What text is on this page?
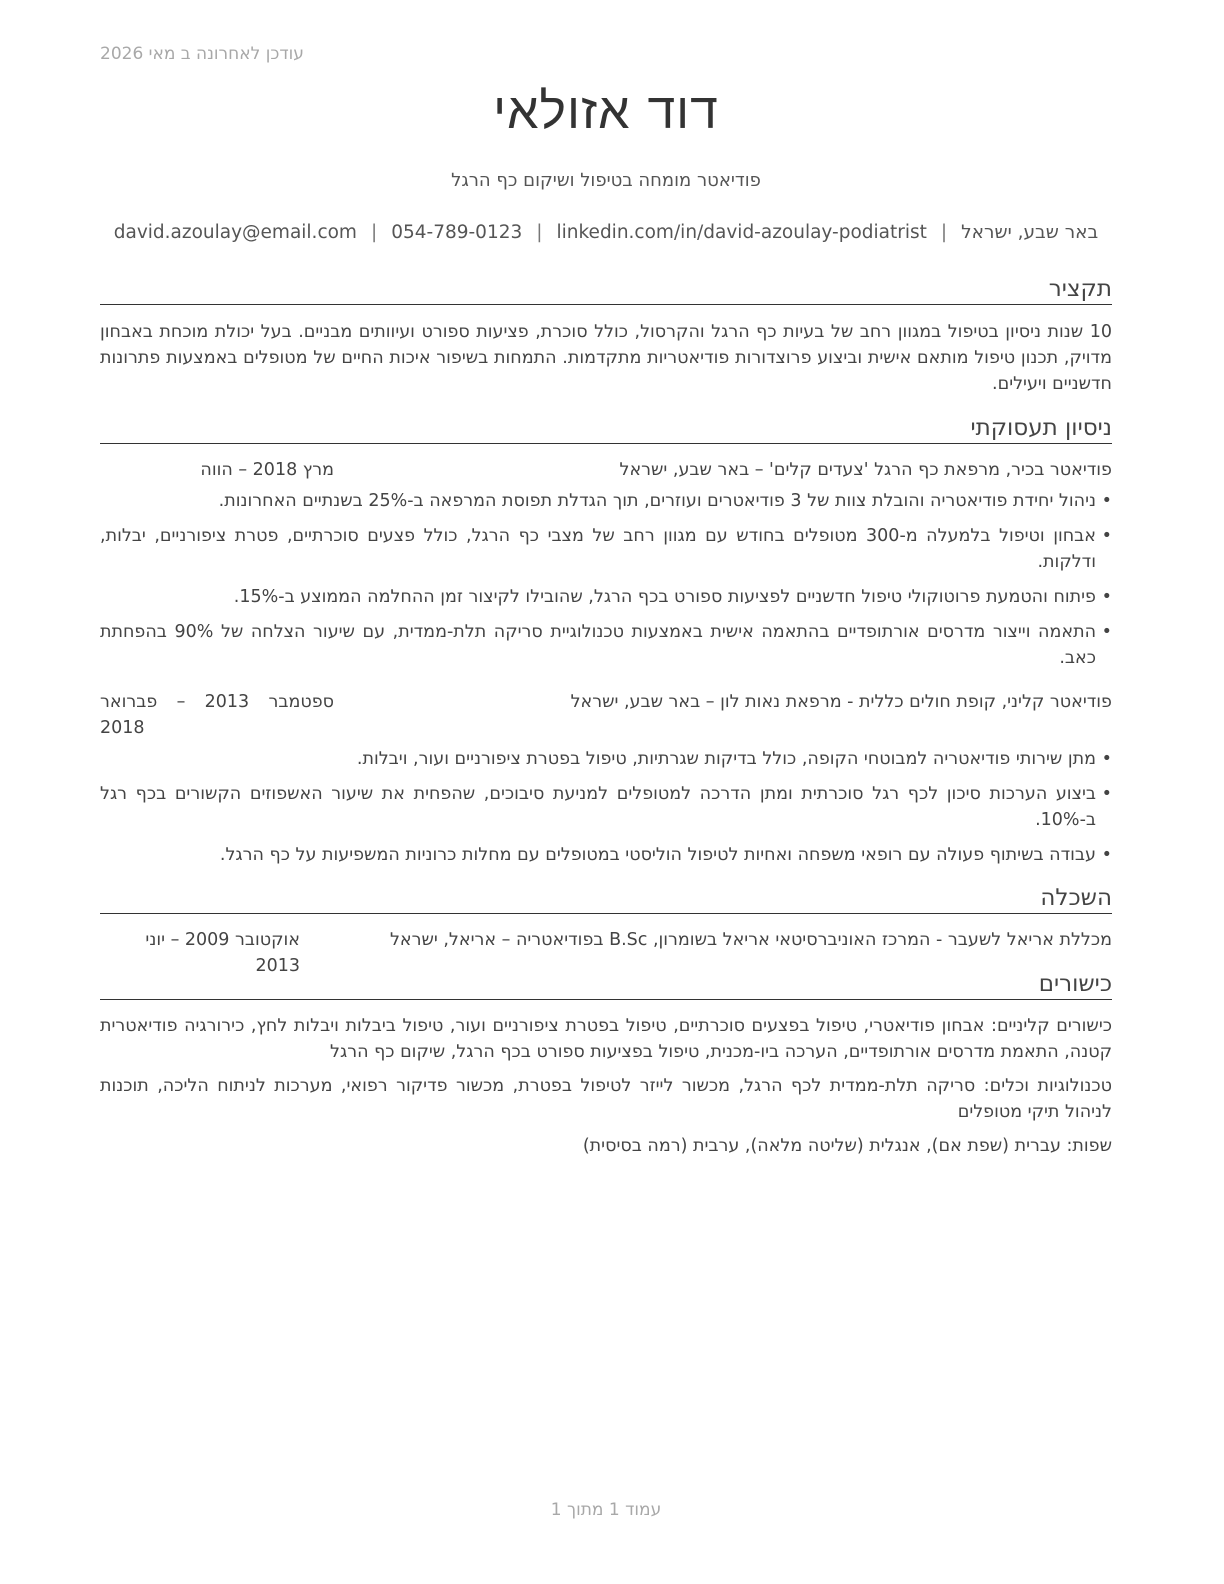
עודכן לאחרונה ב מאי 2026
דוד אזולאי
פודיאטר מומחה בטיפול ושיקום כף הרגל
באר שבע, ישראל|david.azoulay@email.com | 054-789-0123 | linkedin.com/in/david-azoulay-podiatrist
תקציר
10 שנות ניסיון בטיפול במגוון רחב של בעיות כף הרגל והקרסול, כולל סוכרת, פציעות ספורט ועיוותים מבניים. בעל יכולת מוכחת באבחון מדויק, תכנון טיפול מותאם אישית וביצוע פרוצדורות פודיאטריות מתקדמות. התמחות בשיפור איכות החיים של מטופלים באמצעות פתרונות חדשניים ויעילים.
ניסיון תעסוקתי
פודיאטר בכיר, מרפאת כף הרגל 'צעדים קלים' – באר שבע, ישראל
מרץ 2018 – הווה
•
ניהול יחידת פודיאטריה והובלת צוות של 3 פודיאטרים ועוזרים, תוך הגדלת תפוסת המרפאה ב-25% בשנתיים האחרונות.
•
אבחון וטיפול בלמעלה מ-300 מטופלים בחודש עם מגוון רחב של מצבי כף הרגל, כולל פצעים סוכרתיים, פטרת ציפורניים, יבלות, ודלקות.
•
פיתוח והטמעת פרוטוקולי טיפול חדשניים לפציעות ספורט בכף הרגל, שהובילו לקיצור זמן ההחלמה הממוצע ב-15%.
•
התאמה וייצור מדרסים אורתופדיים בהתאמה אישית באמצעות טכנולוגיית סריקה תלת-ממדית, עם שיעור הצלחה של 90% בהפחתת כאב.
פודיאטר קליני, קופת חולים כללית - מרפאת נאות לון – באר שבע, ישראל
ספטמבר 2013 – פברואר 2018
•
מתן שירותי פודיאטריה למבוטחי הקופה, כולל בדיקות שגרתיות, טיפול בפטרת ציפורניים ועור, ויבלות.
•
ביצוע הערכות סיכון לכף רגל סוכרתית ומתן הדרכה למטופלים למניעת סיבוכים, שהפחית את שיעור האשפוזים הקשורים בכף רגל ב-10%.
•
עבודה בשיתוף פעולה עם רופאי משפחה ואחיות לטיפול הוליסטי במטופלים עם מחלות כרוניות המשפיעות על כף הרגל.
השכלה
מכללת אריאל לשעבר - המרכז האוניברסיטאי אריאל בשומרון, B.Sc בפודיאטריה – אריאל, ישראל
אוקטובר 2009 – יוני 2013
כישורים
כישורים קליניים: אבחון פודיאטרי, טיפול בפצעים סוכרתיים, טיפול בפטרת ציפורניים ועור, טיפול ביבלות ויבלות לחץ, כירורגיה פודיאטרית קטנה, התאמת מדרסים אורתופדיים, הערכה ביו-מכנית, טיפול בפציעות ספורט בכף הרגל, שיקום כף הרגל
טכנולוגיות וכלים: סריקה תלת-ממדית לכף הרגל, מכשור לייזר לטיפול בפטרת, מכשור פדיקור רפואי, מערכות לניתוח הליכה, תוכנות לניהול תיקי מטופלים
שפות: עברית (שפת אם), אנגלית (שליטה מלאה), ערבית (רמה בסיסית)
עמוד 1 מתוך 1
